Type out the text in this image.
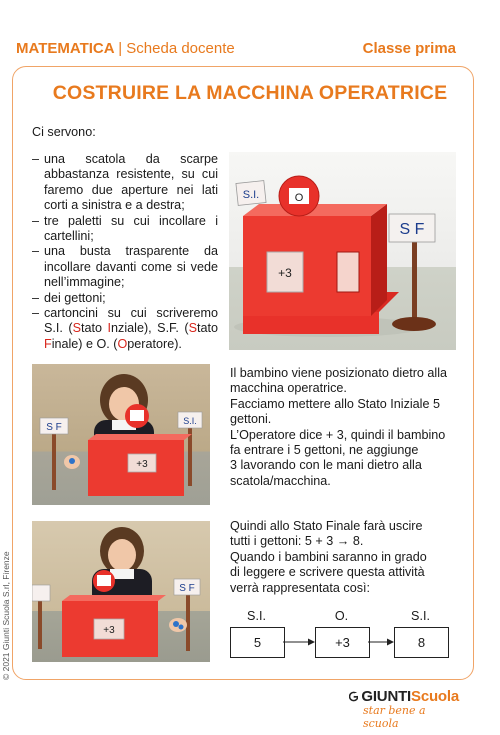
MATEMATICA | Scheda docente	Classe prima
COSTRUIRE LA MACCHINA OPERATRICE
Ci servono:
– una scatola da scarpe abbastanza resistente, su cui faremo due aperture nei lati corti a sinistra e a destra;
– tre paletti su cui incollare i cartellini;
– una busta trasparente da incollare davanti come si vede nell’immagine;
– dei gettoni;
– cartoncini su cui scriveremo S.I. (Stato Inziale), S.F. (Stato Finale) e O. (Operatore).
+3
O
S.I.
S F
S F
S.I.
+3
S F
+3
Il bambino viene posizionato dietro alla
macchina operatrice.
Facciamo mettere allo Stato Iniziale 5
gettoni.
L’Operatore dice + 3, quindi il bambino
fa entrare i 5 gettoni, ne aggiunge
3 lavorando con le mani dietro alla
scatola/macchina.
Quindi allo Stato Finale farà uscire
tutti i gettoni: 5 + 3 → 8.
Quando i bambini saranno in grado
di leggere e scrivere questa attività
verrà rappresentata così:
S.I.	O.	S.I.
5	+3	8
© 2021 Giunti Scuola S.rl, Firenze
GIUNTIScuola
star bene a scuola
